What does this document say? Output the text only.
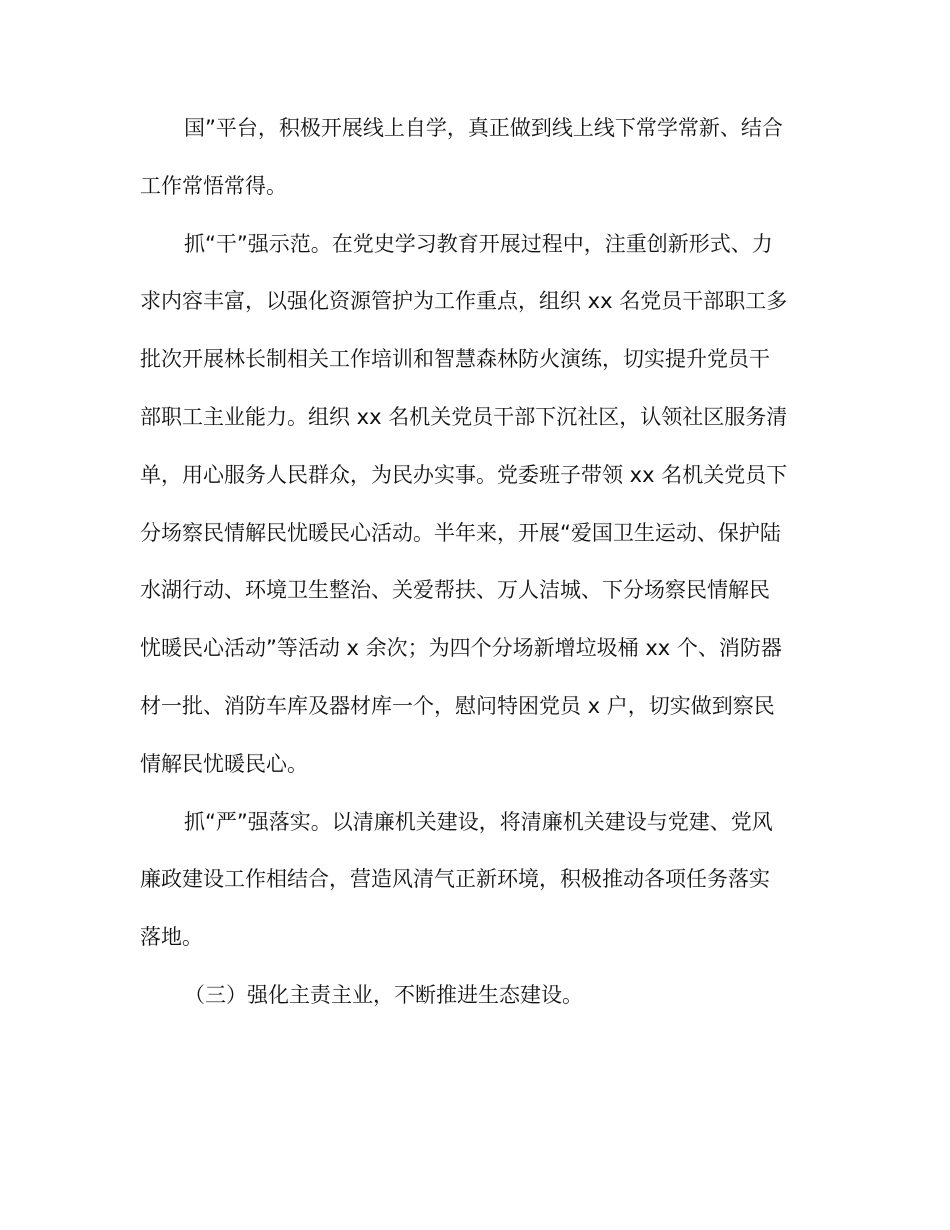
国”平台，积极开展线上自学，真正做到线上线下常学常新、结合
工作常悟常得。
抓“干”强示范。在党史学习教育开展过程中，注重创新形式、力
求内容丰富，以强化资源管护为工作重点，组织 xx 名党员干部职工多
批次开展林长制相关工作培训和智慧森林防火演练，切实提升党员干
部职工主业能力。组织 xx 名机关党员干部下沉社区，认领社区服务清
单，用心服务人民群众，为民办实事。党委班子带领 xx 名机关党员下
分场察民情解民忧暖民心活动。半年来，开展“爱国卫生运动、保护陆
水湖行动、环境卫生整治、关爱帮扶、万人洁城、下分场察民情解民
忧暖民心活动”等活动 x 余次；为四个分场新增垃圾桶 xx 个、消防器
材一批、消防车库及器材库一个，慰问特困党员 x 户，切实做到察民
情解民忧暖民心。
抓“严”强落实。以清廉机关建设，将清廉机关建设与党建、党风
廉政建设工作相结合，营造风清气正新环境，积极推动各项任务落实
落地。
（三）强化主责主业，不断推进生态建设。
